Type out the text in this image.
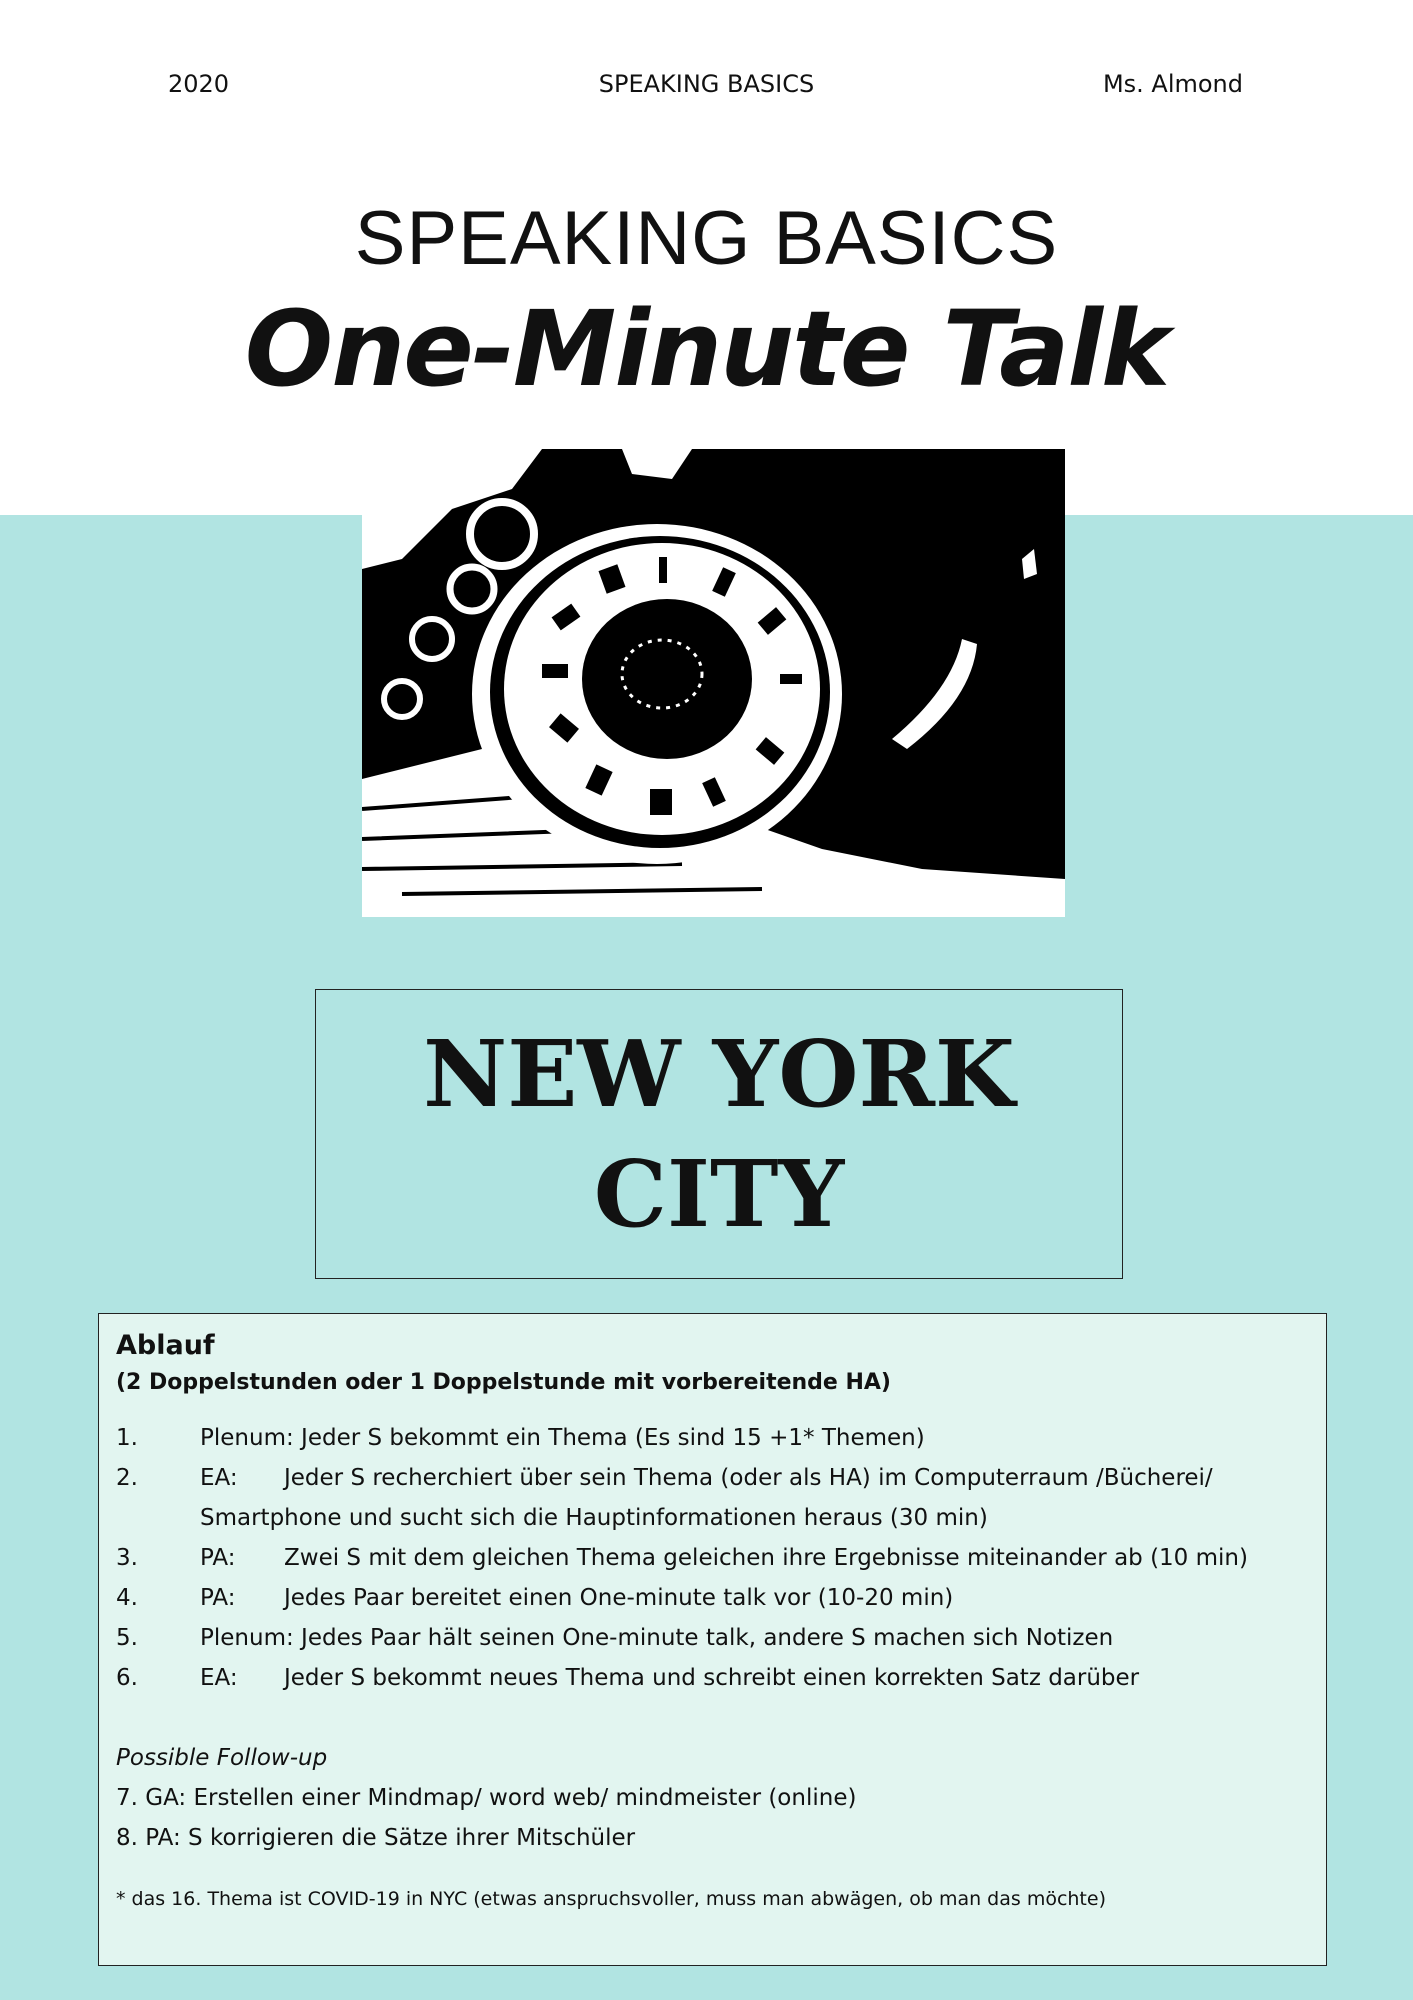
2020	SPEAKING BASICS	Ms. Almond
SPEAKING BASICS
One-Minute Talk
NEW YORK
CITY
Ablauf
(2 Doppelstunden oder 1 Doppelstunde mit vorbereitende HA)
1.	Plenum: Jeder S bekommt ein Thema (Es sind 15 +1* Themen)
2.	EA:	Jeder S recherchiert über sein Thema (oder als HA) im Computerraum /Bücherei/
Smartphone und sucht sich die Hauptinformationen heraus (30 min)
3.	PA:	Zwei S mit dem gleichen Thema geleichen ihre Ergebnisse miteinander ab (10 min)
4.	PA:	Jedes Paar bereitet einen One-minute talk vor (10-20 min)
5.	Plenum: Jedes Paar hält seinen One-minute talk, andere S machen sich Notizen
6.	EA:	Jeder S bekommt neues Thema und schreibt einen korrekten Satz darüber
Possible Follow-up
7. GA: Erstellen einer Mindmap/ word web/ mindmeister (online)
8. PA: S korrigieren die Sätze ihrer Mitschüler
* das 16. Thema ist COVID-19 in NYC (etwas anspruchsvoller, muss man abwägen, ob man das möchte)
